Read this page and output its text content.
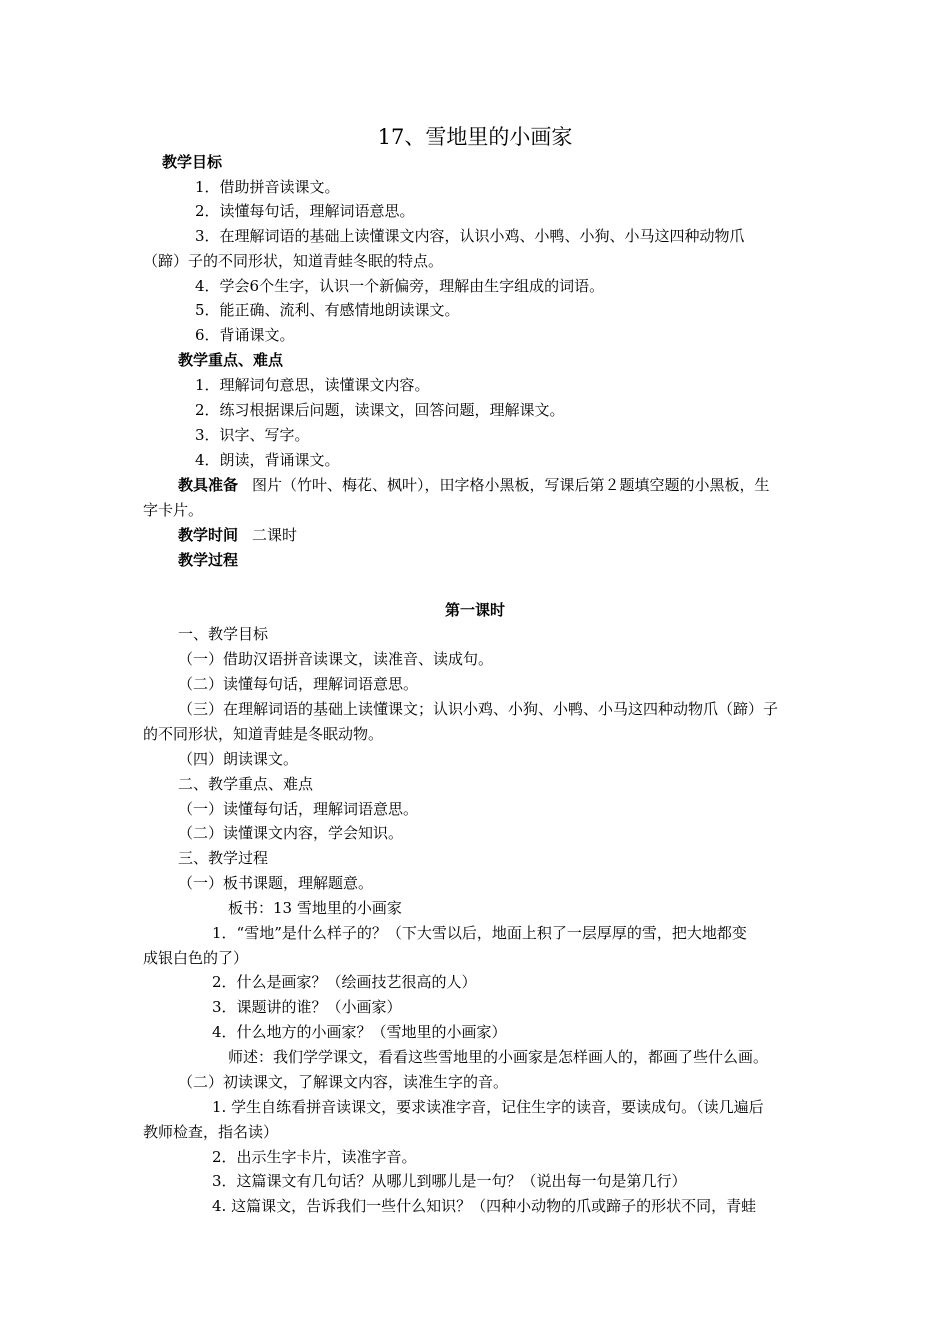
17、雪地里的小画家
教学目标
1．借助拼音读课文。
2．读懂每句话，理解词语意思。
3．在理解词语的基础上读懂课文内容，认识小鸡、小鸭、小狗、小马这四种动物爪
（蹄）子的不同形状，知道青蛙冬眠的特点。
4．学会6个生字，认识一个新偏旁，理解由生字组成的词语。
5．能正确、流利、有感情地朗读课文。
6．背诵课文。
教学重点、难点
1．理解词句意思，读懂课文内容。
2．练习根据课后问题，读课文，回答问题，理解课文。
3．识字、写字。
4．朗读，背诵课文。
教具准备 图片（竹叶、梅花、枫叶），田字格小黑板，写课后第２题填空题的小黑板，生
字卡片。
教学时间 二课时
教学过程
第一课时
一、教学目标
（一）借助汉语拼音读课文，读准音、读成句。
（二）读懂每句话，理解词语意思。
（三）在理解词语的基础上读懂课文；认识小鸡、小狗、小鸭、小马这四种动物爪（蹄）子
的不同形状，知道青蛙是冬眠动物。
（四）朗读课文。
二、教学重点、难点
（一）读懂每句话，理解词语意思。
（二）读懂课文内容，学会知识。
三、教学过程
（一）板书课题，理解题意。
板书：13 雪地里的小画家
1．“雪地”是什么样子的？（下大雪以后，地面上积了一层厚厚的雪，把大地都变
成银白色的了）
2．什么是画家？（绘画技艺很高的人）
3．课题讲的谁？（小画家）
4．什么地方的小画家？（雪地里的小画家）
师述：我们学学课文，看看这些雪地里的小画家是怎样画人的，都画了些什么画。
（二）初读课文，了解课文内容，读准生字的音。
1. 学生自练看拼音读课文，要求读准字音，记住生字的读音，要读成句。（读几遍后
教师检查，指名读）
2．出示生字卡片，读准字音。
3．这篇课文有几句话？从哪儿到哪儿是一句？（说出每一句是第几行）
4. 这篇课文，告诉我们一些什么知识？（四种小动物的爪或蹄子的形状不同，青蛙
